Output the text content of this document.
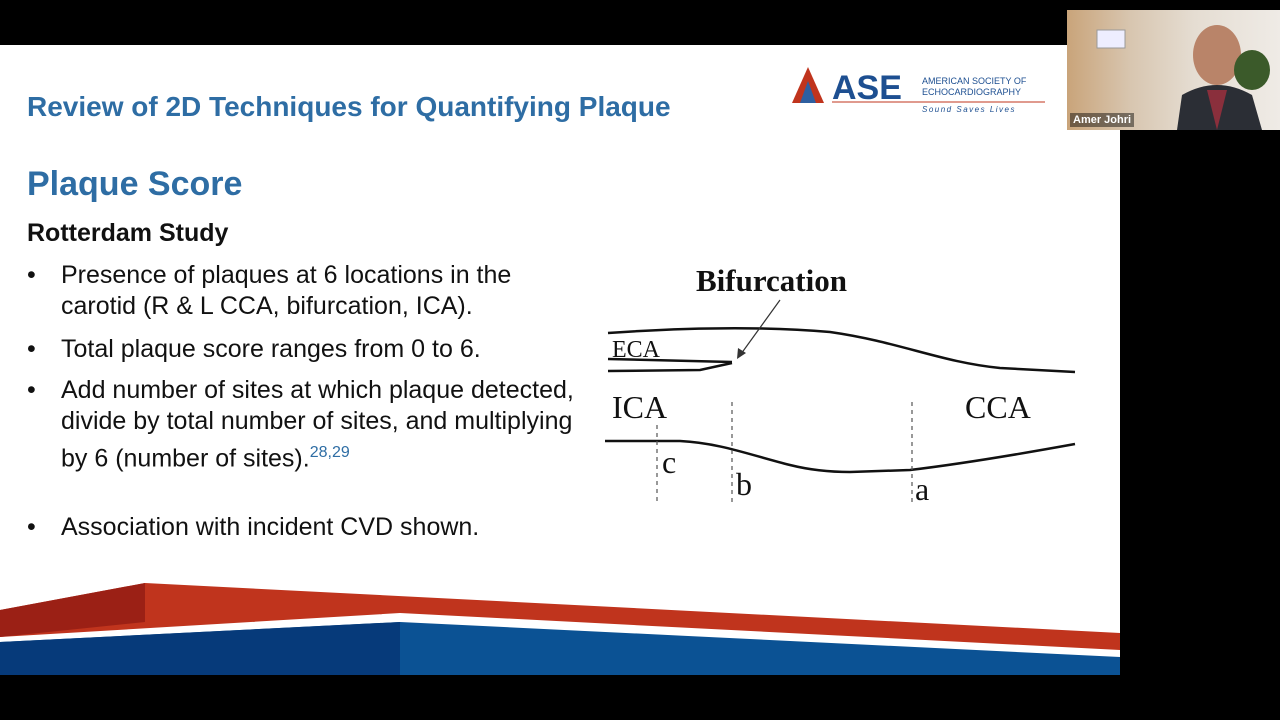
Review of 2D Techniques for Quantifying Plaque	ASE AMERICAN SOCIETY OF
ECHOCARDIOGRAPHY
Sound Saves Lives
Plaque Score
Rotterdam Study
• Presence of plaques at 6 locations in the carotid (R & L CCA, bifurcation, ICA).
• Total plaque score ranges from 0 to 6.
• Add number of sites at which plaque detected, divide by total number of sites, and multiplying by 6 (number of sites).$^{28,29}$
• Association with incident CVD shown.
Bifurcation
ECA
ICA	CCA
c
b	a
Amer Johri
